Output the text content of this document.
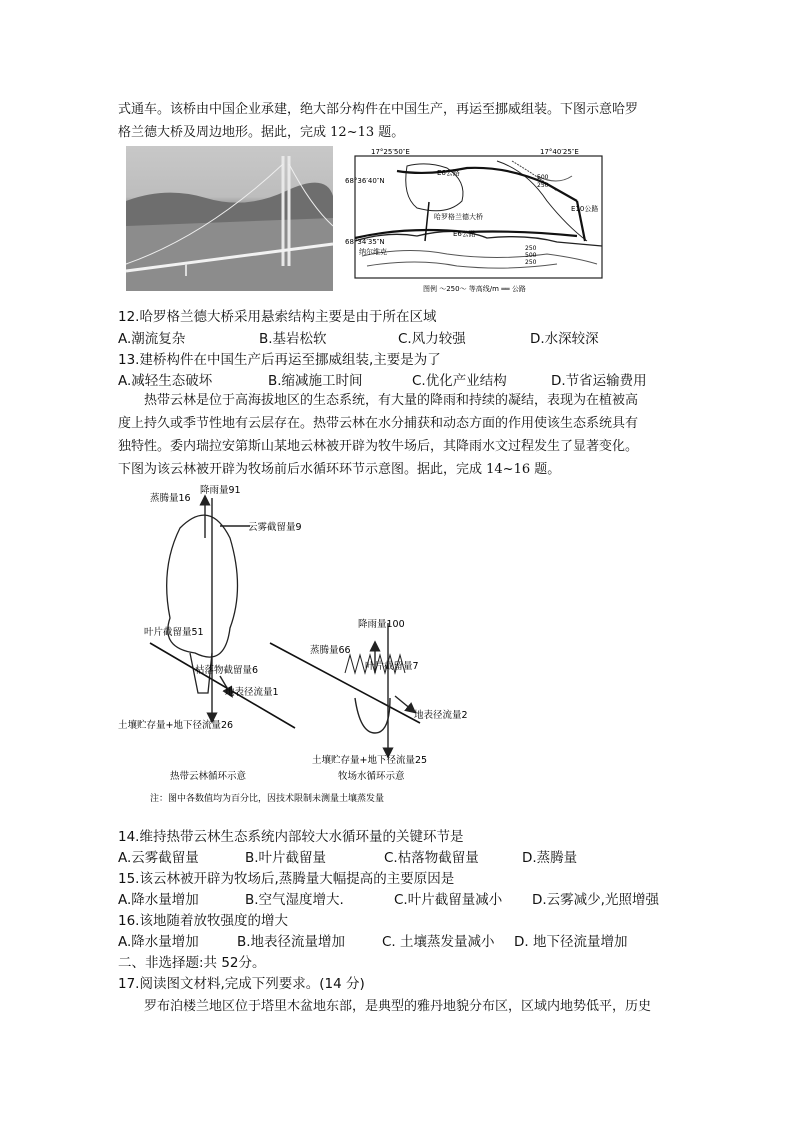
式通车。该桥由中国企业承建，绝大部分构件在中国生产，再运至挪威组装。下图示意哈罗
格兰德大桥及周边地形。据此，完成 12~13 题。
17°25′50″E	17°40′25″E
68°36′40″N
68°34′35″N
E6公路
E10公路
哈罗格兰德大桥
E6公路
纳尔维克
500
250
250
500
250
图例 ～250～ 等高线/m ══ 公路
12.哈罗格兰德大桥采用悬索结构主要是由于所在区域
A.潮流复杂	B.基岩松软	C.风力较强	D.水深较深
13.建桥构件在中国生产后再运至挪威组装,主要是为了
A.减轻生态破坏	B.缩减施工时间	C.优化产业结构	D.节省运输费用
　　热带云林是位于高海拔地区的生态系统，有大量的降雨和持续的凝结，表现为在植被高
度上持久或季节性地有云层存在。热带云林在水分捕获和动态方面的作用使该生态系统具有
独特性。委内瑞拉安第斯山某地云林被开辟为牧牛场后，其降雨水文过程发生了显著变化。
下图为该云林被开辟为牧场前后水循环环节示意图。据此，完成 14~16 题。
蒸腾量16
降雨量91
云雾截留量9
叶片截留量51
枯落物截留量6
地表径流量1
土壤贮存量+地下径流量26
热带云林循环示意
降雨量100
蒸腾量66
叶片截留量7
地表径流量2
土壤贮存量+地下径流量25
牧场水循环示意
注：图中各数值均为百分比，因技术限制未测量土壤蒸发量
14.维持热带云林生态系统内部较大水循环量的关键环节是
A.云雾截留量	B.叶片截留量	C.枯落物截留量	D.蒸腾量
15.该云林被开辟为牧场后,蒸腾量大幅提高的主要原因是
A.降水量增加	B.空气湿度增大.	C.叶片截留量减小 D.云雾减少,光照增强
16.该地随着放牧强度的增大
A.降水量增加	B.地表径流量增加	C. 土壤蒸发量减小 D. 地下径流量增加
二、非选择题:共 52分。
17.阅读图文材料,完成下列要求。(14 分)
　　罗布泊楼兰地区位于塔里木盆地东部，是典型的雅丹地貌分布区，区域内地势低平，历史
